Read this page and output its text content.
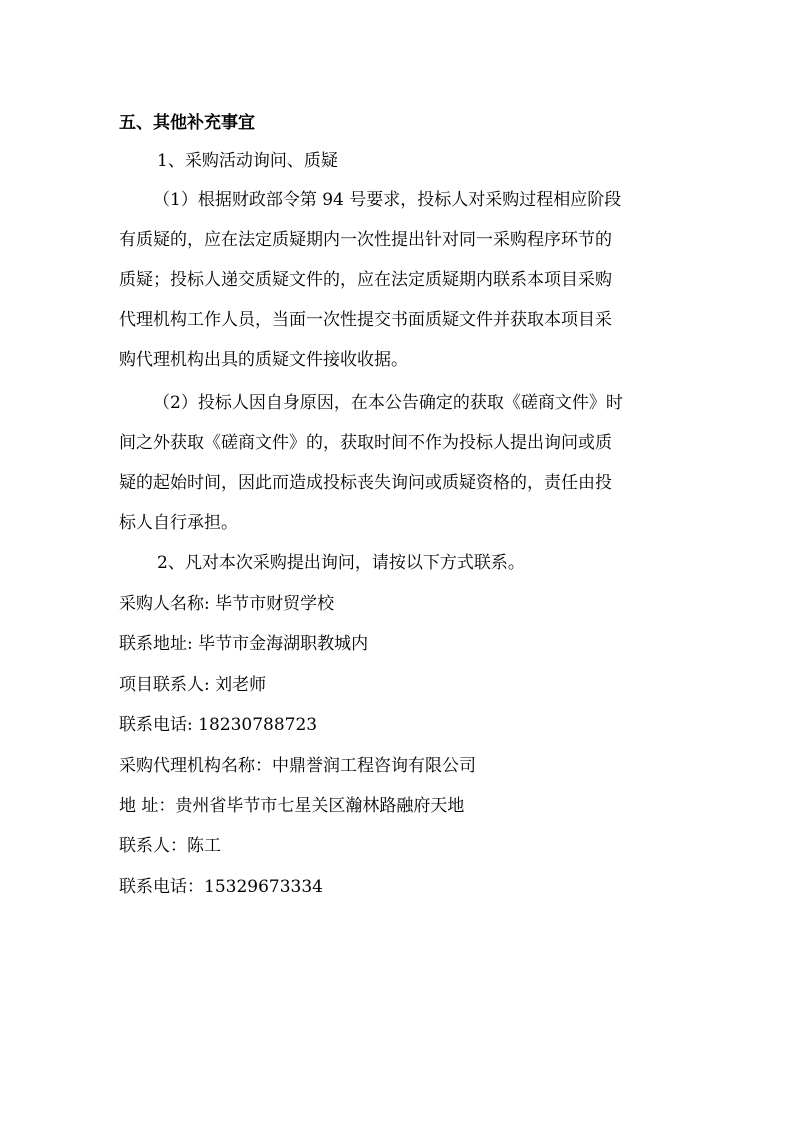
五、其他补充事宜
1、采购活动询问、质疑
（1）根据财政部令第 94 号要求，投标人对采购过程相应阶段
有质疑的，应在法定质疑期内一次性提出针对同一采购程序环节的
质疑；投标人递交质疑文件的，应在法定质疑期内联系本项目采购
代理机构工作人员，当面一次性提交书面质疑文件并获取本项目采
购代理机构出具的质疑文件接收收据。
（2）投标人因自身原因，在本公告确定的获取《磋商文件》时
间之外获取《磋商文件》的，获取时间不作为投标人提出询问或质
疑的起始时间，因此而造成投标丧失询问或质疑资格的，责任由投
标人自行承担。
2、凡对本次采购提出询问，请按以下方式联系。
采购人名称: 毕节市财贸学校
联系地址: 毕节市金海湖职教城内
项目联系人: 刘老师
联系电话: 18230788723
采购代理机构名称：中鼎誉润工程咨询有限公司
地 址：贵州省毕节市七星关区瀚林路融府天地
联系人：陈工
联系电话：15329673334
